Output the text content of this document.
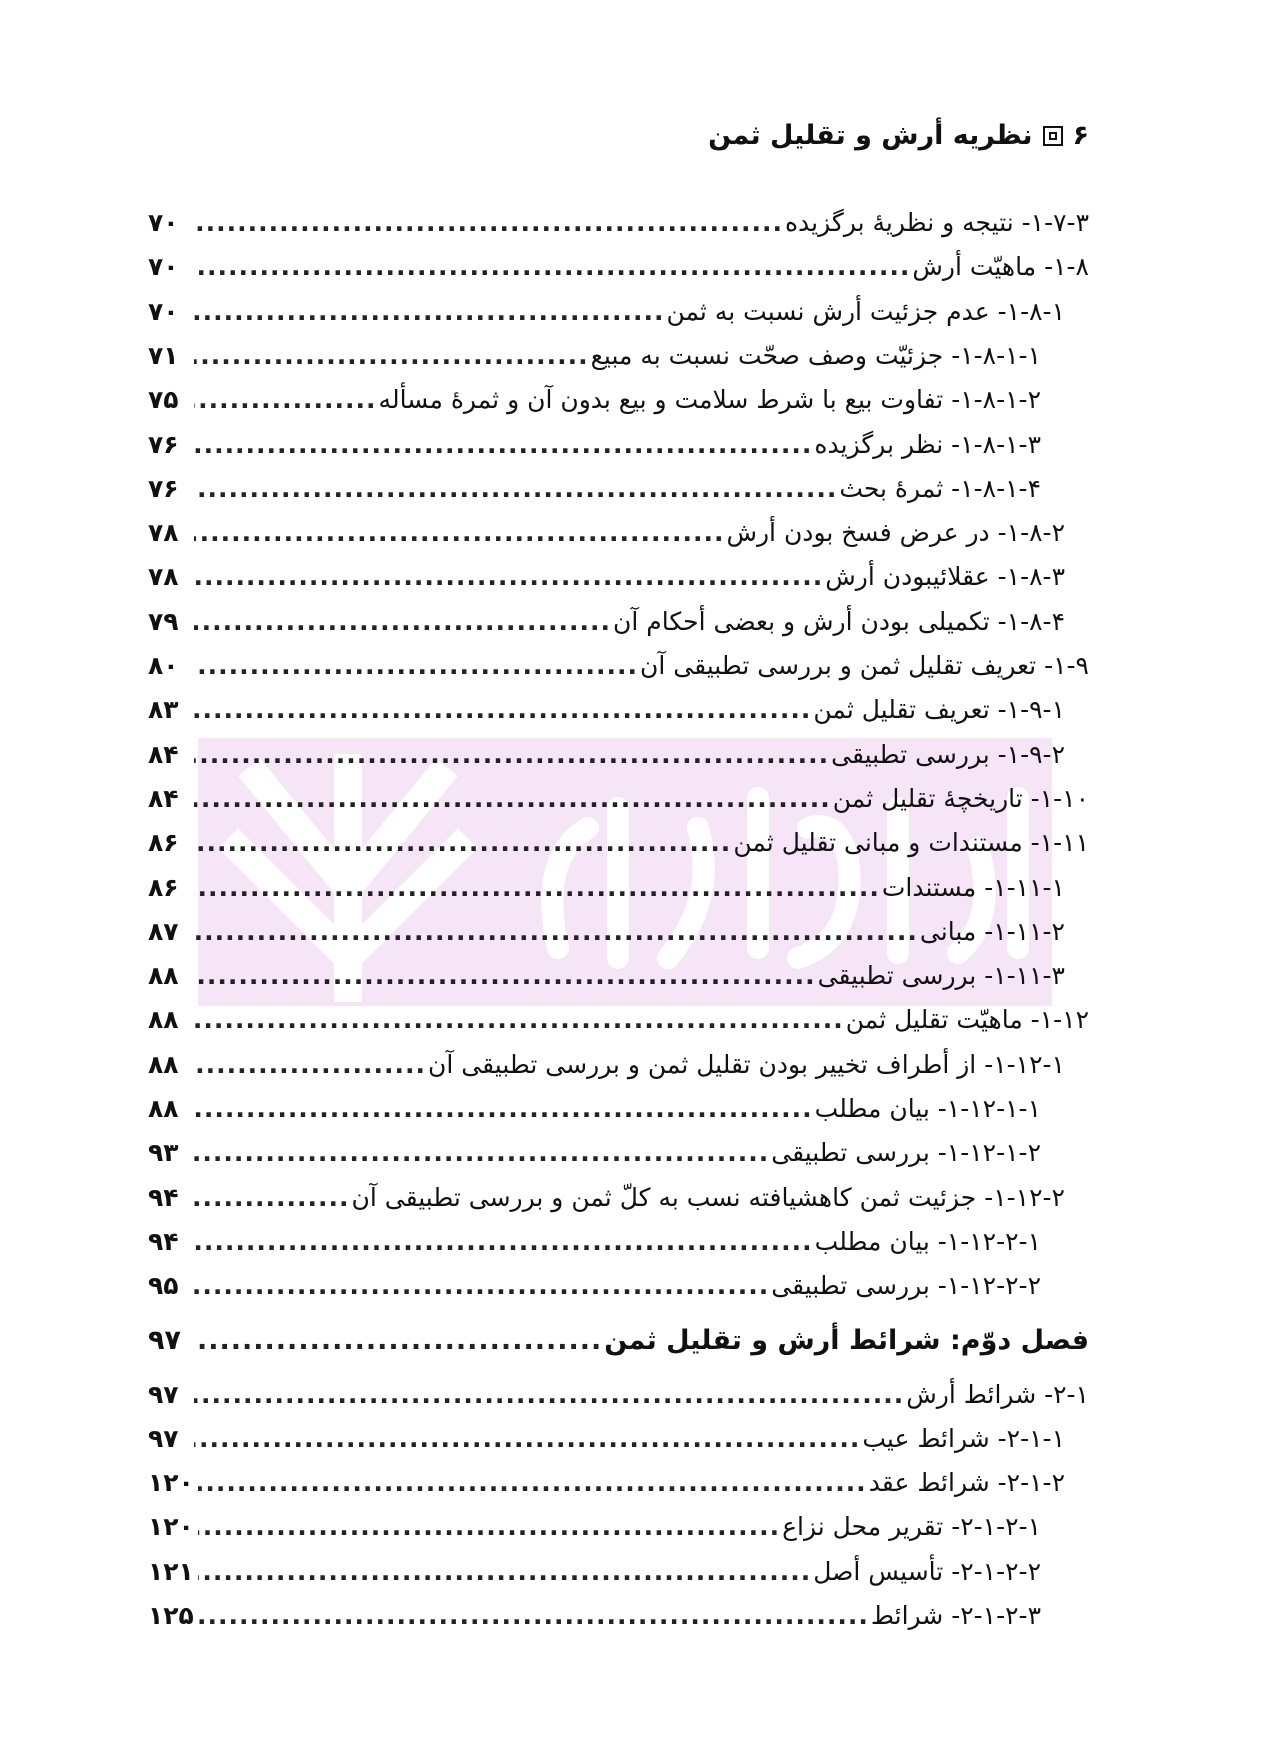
۶
نظریه أرش و تقلیل ثمن
۱-۷-۳- نتیجه و نظریۀ برگزیده
.....
۷۰
۱-۸- ماهیّت أرش
.....
۷۰
۱-۸-۱- عدم جزئیت أرش نسبت به ثمن
.....
۷۰
۱-۸-۱-۱- جزئیّت وصف صحّت نسبت به مبیع
.....
۷۱
۱-۸-۱-۲- تفاوت بیع با شرط سلامت و بیع بدون آن و ثمرۀ مسأله
.....
۷۵
۱-۸-۱-۳- نظر برگزیده
.....
۷۶
۱-۸-۱-۴- ثمرۀ بحث
.....
۷۶
۱-۸-۲- در عرض فسخ بودن أرش
.....
۷۸
۱-۸-۳- عقلائیبودن أرش
.....
۷۸
۱-۸-۴- تکمیلی بودن أرش و بعضی أحکام آن
.....
۷۹
۱-۹- تعریف تقلیل ثمن و بررسی تطبیقی آن
.....
۸۰
۱-۹-۱- تعریف تقلیل ثمن
.....
۸۳
۱-۹-۲- بررسی تطبیقی
.....
۸۴
۱-۱۰- تاریخچۀ تقلیل ثمن
.....
۸۴
۱-۱۱- مستندات و مبانی تقلیل ثمن
.....
۸۶
۱-۱۱-۱- مستندات
.....
۸۶
۱-۱۱-۲- مبانی
.....
۸۷
۱-۱۱-۳- بررسی تطبیقی
.....
۸۸
۱-۱۲- ماهیّت تقلیل ثمن
.....
۸۸
۱-۱۲-۱- از أطراف تخییر بودن تقلیل ثمن و بررسی تطبیقی آن
.....
۸۸
۱-۱۲-۱-۱- بیان مطلب
.....
۸۸
۱-۱۲-۱-۲- بررسی تطبیقی
.....
۹۳
۱-۱۲-۲- جزئیت ثمن کاهشیافته نسب به کلّ ثمن و بررسی تطبیقی آن
.....
۹۴
۱-۱۲-۲-۱- بیان مطلب
.....
۹۴
۱-۱۲-۲-۲- بررسی تطبیقی
.....
۹۵
فصل دوّم: شرائط أرش و تقلیل ثمن
.....
۹۷
۲-۱- شرائط أرش
.....
۹۷
۲-۱-۱- شرائط عیب
.....
۹۷
۲-۱-۲- شرائط عقد
.....
۱۲۰
۲-۱-۲-۱- تقریر محل نزاع
.....
۱۲۰
۲-۱-۲-۲- تأسیس أصل
.....
۱۲۱
۲-۱-۲-۳- شرائط
.....
۱۲۵
